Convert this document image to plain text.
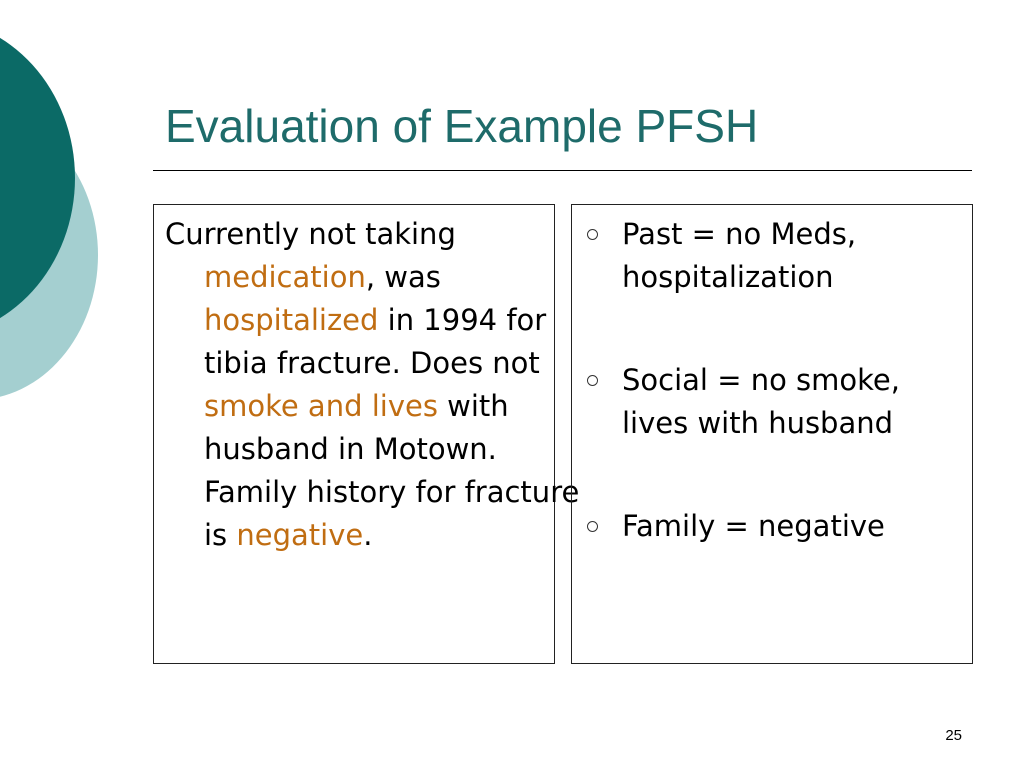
Evaluation of Example PFSH

Currently not taking medication, was hospitalized in 1994 for tibia fracture. Does not smoke and lives with husband in Motown. Family history for fracture is negative.

Past = no Meds, hospitalization
Social = no smoke, lives with husband
Family = negative
25
